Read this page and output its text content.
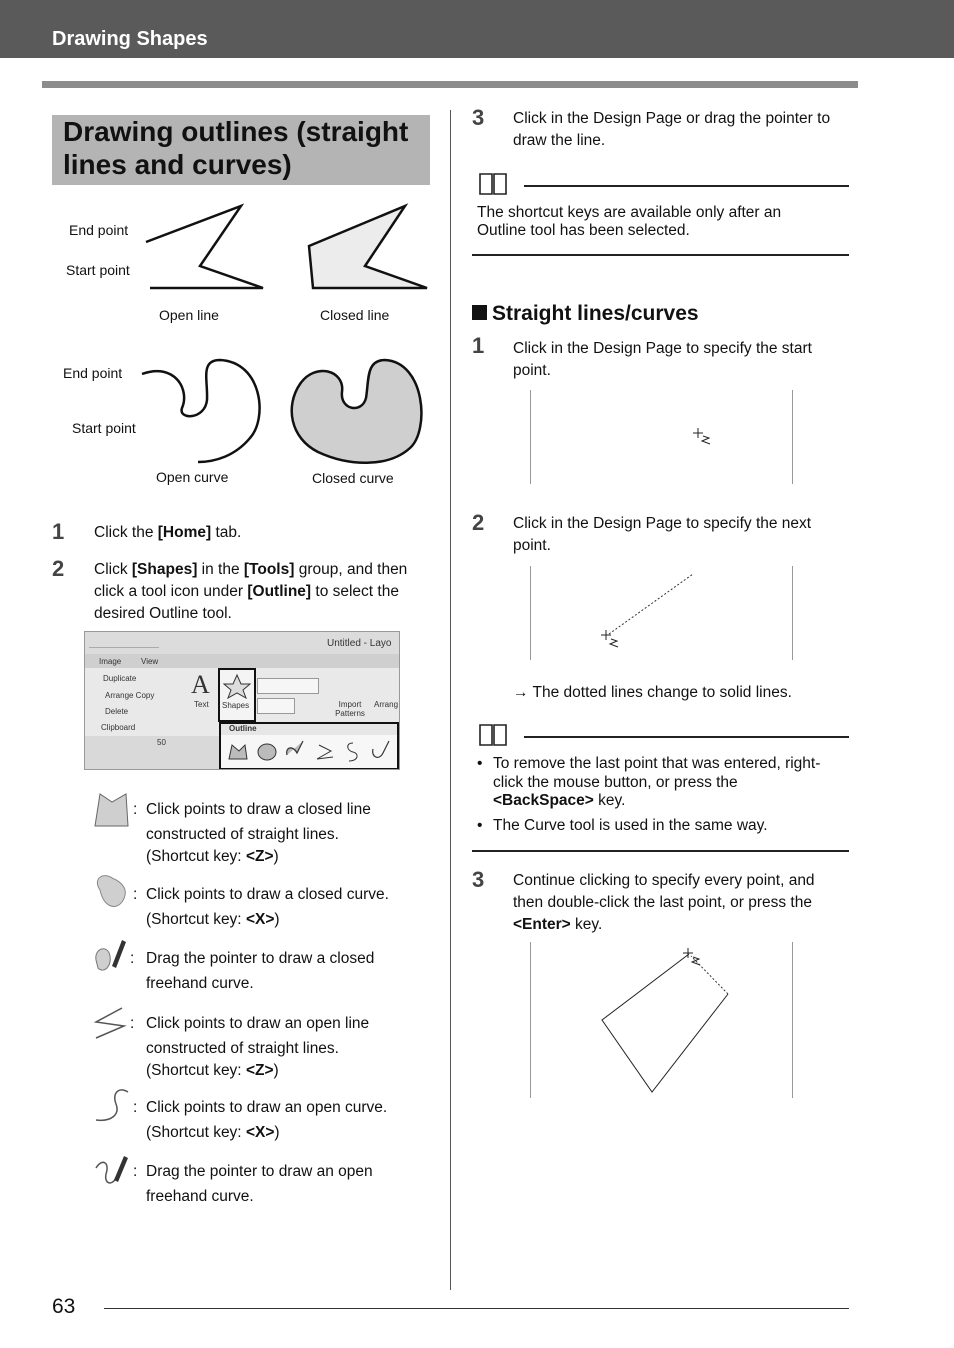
Drawing Shapes
Drawing outlines (straight
lines and curves)
End point
Start point
Open line	Closed line
End point
Start point
Open curve	Closed curve
1 Click the [Home] tab.
2 Click [Shapes] in the [Tools] group, and then
click a tool icon under [Outline] to select the
desired Outline tool.
Untitled - Layo
Image View
Duplicate
Arrange Copy
Delete
Clipboard
A
Text Shapes	Import Patterns
Arrang
50
Outline
: Click points to draw a closed line
constructed of straight lines.
(Shortcut key: <Z>)
: Click points to draw a closed curve.
(Shortcut key: <X>)
: Drag the pointer to draw a closed
freehand curve.
: Click points to draw an open line
constructed of straight lines.
(Shortcut key: <Z>)
: Click points to draw an open curve.
(Shortcut key: <X>)
: Drag the pointer to draw an open
freehand curve.
3 Click in the Design Page or drag the pointer to
draw the line.
The shortcut keys are available only after an
Outline tool has been selected.
Straight lines/curves
1 Click in the Design Page to specify the start
point.
2 Click in the Design Page to specify the next
point.
→ The dotted lines change to solid lines.
• To remove the last point that was entered, right-
click the mouse button, or press the
<BackSpace> key.
• The Curve tool is used in the same way.
3 Continue clicking to specify every point, and
then double-click the last point, or press the
<Enter> key.
63
